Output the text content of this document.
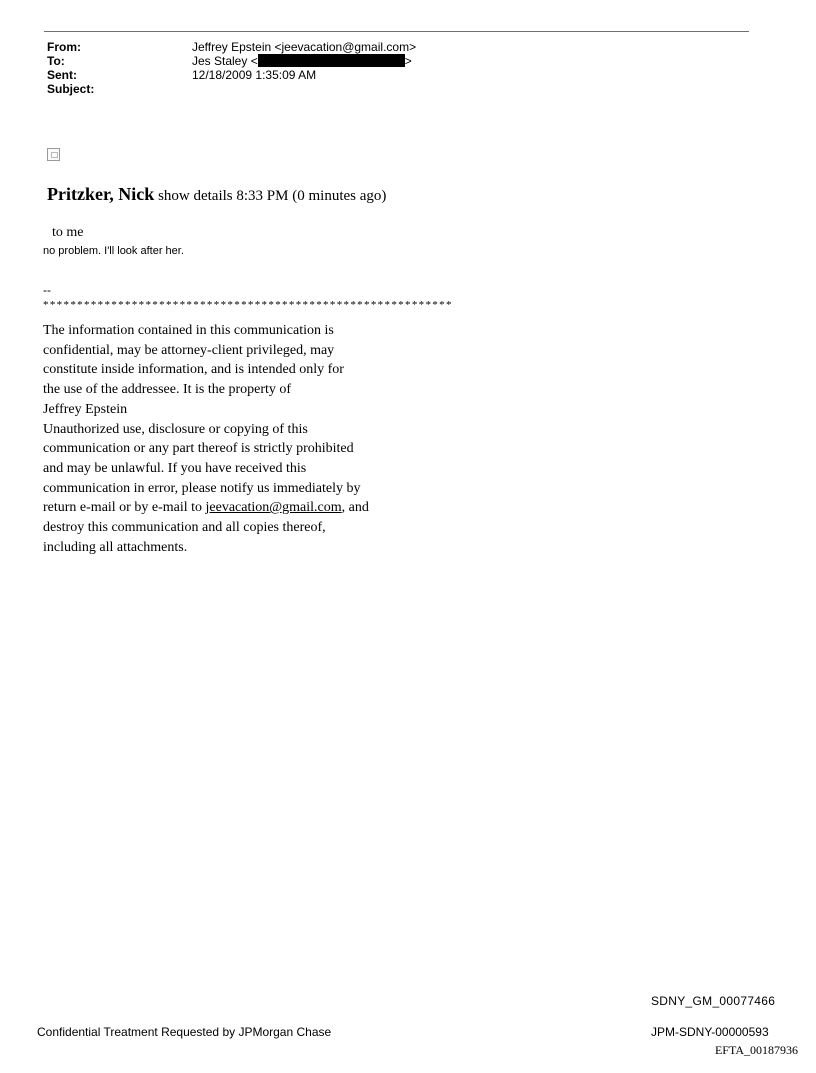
From:	Jeffrey Epstein <jeevacation@gmail.com>
To:	Jes Staley <	>
Sent:	12/18/2009 1:35:09 AM
Subject:
Pritzker, Nick show details 8:33 PM (0 minutes ago)
to me
no problem. I'll look after her.
--
************************************************************
The information contained in this communication is
confidential, may be attorney-client privileged, may
constitute inside information, and is intended only for
the use of the addressee. It is the property of
Jeffrey Epstein
Unauthorized use, disclosure or copying of this
communication or any part thereof is strictly prohibited
and may be unlawful. If you have received this
communication in error, please notify us immediately by
return e-mail or by e-mail to jeevacation@gmail.com, and
destroy this communication and all copies thereof,
including all attachments.
SDNY_GM_00077466
Confidential Treatment Requested by JPMorgan Chase	JPM-SDNY-00000593
EFTA_00187936
